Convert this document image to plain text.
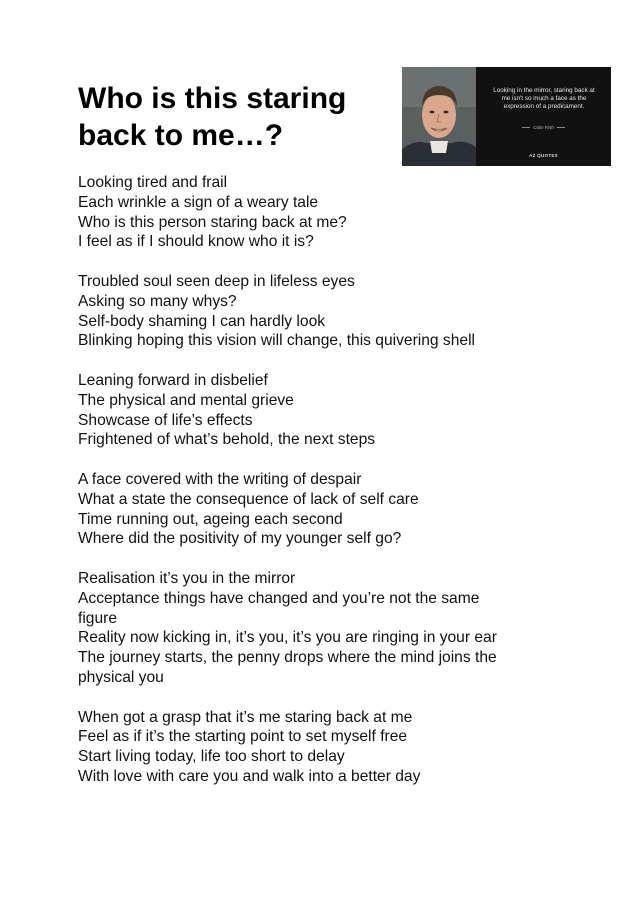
Who is this staring
back to me…?
Looking in the mirror, staring back at
me isn't so much a face as the
expression of a predicament.
Colin Firth
AZ QUOTES
Looking tired and frail
Each wrinkle a sign of a weary tale
Who is this person staring back at me?
I feel as if I should know who it is?
Troubled soul seen deep in lifeless eyes
Asking so many whys?
Self-body shaming I can hardly look
Blinking hoping this vision will change, this quivering shell
Leaning forward in disbelief
The physical and mental grieve
Showcase of life’s effects
Frightened of what’s behold, the next steps
A face covered with the writing of despair
What a state the consequence of lack of self care
Time running out, ageing each second
Where did the positivity of my younger self go?
Realisation it’s you in the mirror
Acceptance things have changed and you’re not the same
figure
Reality now kicking in, it’s you, it’s you are ringing in your ear
The journey starts, the penny drops where the mind joins the
physical you
When got a grasp that it’s me staring back at me
Feel as if it’s the starting point to set myself free
Start living today, life too short to delay
With love with care you and walk into a better day
